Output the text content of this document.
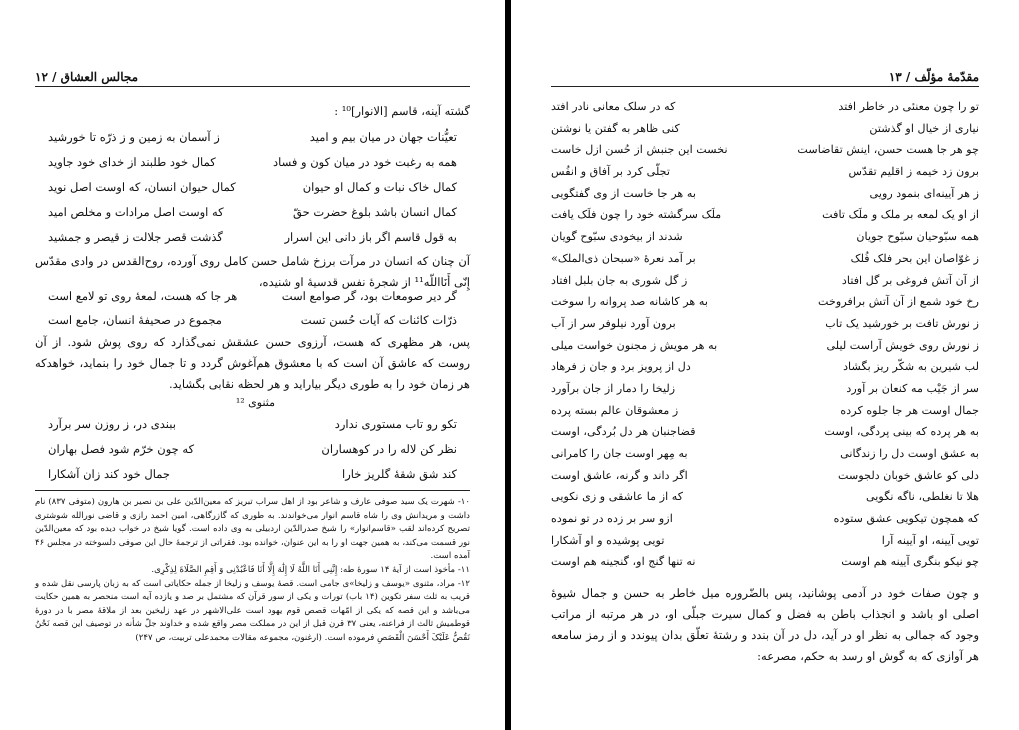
مجالس العشاق / ۱۲
گشته آینه، قاسم [الانوار]¹⁰ :
تعیُّنات جهان در میان بیم و امید
ز آسمان به زمین و ز ذرّه تا خورشید
همه به رغبت خود در میان کون و فساد
کمال خود طلبند از خدای خود جاوید
کمال خاک نبات و کمال او حیوان
کمال حیوان انسان، که اوست اصل نوید
کمال انسان باشد بلوغ حضرت حقّ
که اوست اصل مرادات و مخلص امید
به قول قاسم اگر باز دانی این اسرار
گذشت قصر جلالت ز قیصر و جمشید
آن چنان که انسان در مرآت برزخ شامل حسن کامل روی آورده، روح‌القدس در وادی مقدّس إِنّی أَنَااللّه¹¹ از شجرهٔ نفس قدسیهٔ او شنیده،
گر دیر صومعات بود، گر صوامع است
هر جا که هست، لمعهٔ روی تو لامع است
ذرّات کائنات که آیات حُسن تست
مجموع در صحیفهٔ انسان، جامع است
پس، هر مظهری که هست، آرزوی حسن عشقش نمی‌گذارد که روی پوش شود. از آن روست که عاشق آن است که با معشوق هم‌آغوش گردد و تا جمال خود را بنماید، خواهدکه هر زمان خود را به طوری دیگر بیاراید و هر لحظه نقابی بگشاید.
مثنوی ¹²
تکو رو تاب مستوری ندارد
ببندی در، ز روزن سر برآرد
نظر کن لاله را در کوهساران
که چون خرّم شود فصل بهاران
کند شق شقهٔ گلریز خارا
جمال خود کند زان آشکارا

۱۰- شهرت یک سید صوفی عارف و شاعر بود از اهل سراب تبریز که معین‌الدّین علی بن نصیر بن هارون (متوفی ۸۳۷) نام داشت و مریدانش وی را شاه قاسم انوار می‌خواندند. به طوری که گازرگاهی، امین احمد رازی و قاضی نورالله شوشتری تصریح کرده‌اند لقب «قاسم‌انوار» را شیخ صدرالدّین اردبیلی به وی داده است. گویا شیخ در خواب دیده بود که معین‌الدّین نور قسمت می‌کند، به همین جهت او را به این عنوان، خوانده بود. فقراتی از ترجمهٔ حال این صوفی دلسوخته در مجلس ۴۶ آمده است.

۱۱- مأخوذ است از آیهٔ ۱۴ سورهٔ طه: إِنَّنِی أَنَا اللَّهُ لَا إِلَٰهَ إِلَّا أَنَا فَاعْبُدْنِی وَ أَقِمِ الصَّلَاةَ لِذِکْرِی.

۱۲- مراد، مثنوی «یوسف و زلیخا»ی جامی است. قصهٔ یوسف و زلیخا از جمله حکایاتی است که به زبان پارسی نقل شده و قریب به ثلث سفر تکوین (۱۴ باب) تورات و یکی از سور قرآن که مشتمل بر صد و یازده آیه است منحصر به همین حکایت می‌باشد و این قصه که یکی از امّهات قصص قوم یهود است علی‌الاشهر در عهد زلیخین بعد از ملاقهٔ مصر با در دورهٔ قوطمیش ثالث از فراعنه، یعنی ۳۷ قرن قبل از این در مملکت مصر واقع شده و خداوند جلّ شأنه در توصیف این قصه نَحْنُ نَقُصُّ عَلَیْکَ أَحْسَنَ الْقَصَصِ فرموده است. (ارغنون، مجموعه مقالات محمدعلی تربیت، ص ۲۴۷)

مقدّمهٔ مؤلّف / ۱۳
تو را چون معنئی در خاطر افتد
که در سلک معانی نادر افتد
نیاری از خیال او گذشتن
کنی ظاهر به گفتن یا نوشتن
چو هر جا هست حسن، اینش تقاضاست
نخست این جنبش از حُسن ازل خاست
برون زد خیمه ز اقلیم تقدّس
تجلّی کرد بر آفاق و انفُس
ز هر آیینه‌ای بنمود رویی
به هر جا خاست از وی گفتگویی
از او یک لمعه بر ملک و ملَک تافت
ملَک سرگشته خود را چون فلَک یافت
همه سبّوحیان سبّوح جویان
شدند از بیخودی سبّوح گویان
ز غوّاصان این بحر فلک فُلک
بر آمد نعرهٔ «سبحان ذی‌الملک»
از آن آتش فروغی بر گل افتاد
ز گل شوری به جان بلبل افتاد
رخ خود شمع از آن آتش برافروخت
به هر کاشانه صد پروانه را سوخت
ز نورش تافت بر خورشید یک تاب
برون آورد نیلوفر سر از آب
ز نورش روی خویش آراست لیلی
به هر مویش ز مجنون خواست میلی
لب شیرین به شکّر ریز بگشاد
دل از پرویز برد و جان ز فرهاد
سر از جَیْب مه کنعان بر آورد
زلیخا را دمار از جان برآورد
جمال اوست هر جا جلوه کرده
ز معشوقان عالم بسته پرده
به هر پرده که بینی پردگی، اوست
قضاجنبان هر دل بُردگی، اوست
به عشق اوست دل را زندگانی
به مِهر اوست جان را کامرانی
دلی کو عاشق خوبان دلجوست
اگر داند و گرنه، عاشق اوست
هلا تا نغلطی، ناگه نگویی
که از ما عاشقی و زی نکویی
که همچون تیکویی عشق ستوده
ازو سر بر زده در تو نموده
تویی آیینه، او آیینه آرا
تویی پوشیده و او آشکارا
چو نیکو بنگری آیینه هم اوست
نه تنها گنج او، گنجینه هم اوست
و چون صفات خود در آدمی پوشانید، پس بالضّروره میل خاطر به حسن و جمال شیوهٔ اصلی او باشد و انجذاب باطن به فضل و کمال سیرت جبلّی او، در هر مرتبه از مراتب وجود که جمالی به نظر او در آید، دل در آن بندد و رشتهٔ تعلّق بدان پیوندد و از رمز سامعه هر آوازی که به گوش او رسد به حکم، مصرعه:
